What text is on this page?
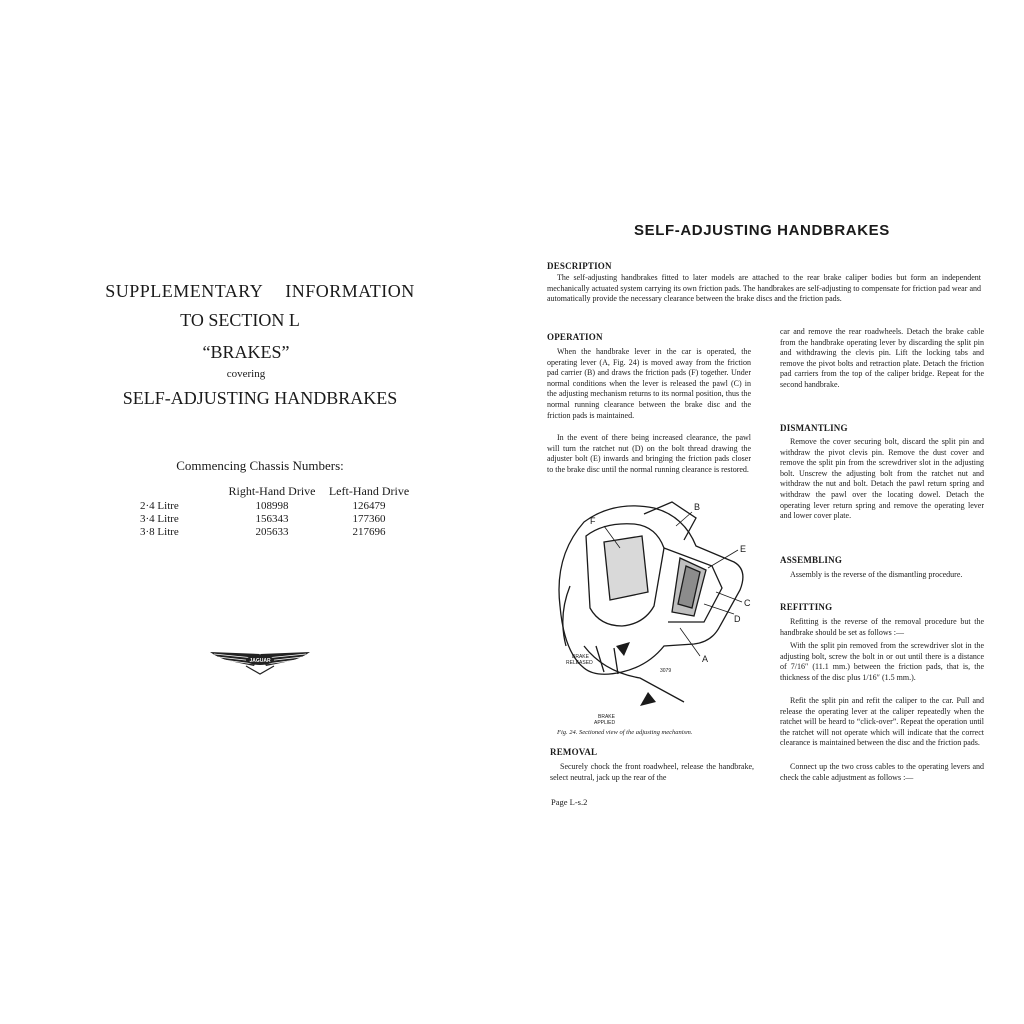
SUPPLEMENTARY INFORMATION
TO SECTION L
“BRAKES”
covering
SELF-ADJUSTING HANDBRAKES
Commencing Chassis Numbers:
	Right-Hand Drive	Left-Hand Drive
2·4 Litre	108998	126479
3·4 Litre	156343	177360
3·8 Litre	205633	217696
JAGUAR
SELF-ADJUSTING HANDBRAKES
DESCRIPTION

The self-adjusting handbrakes fitted to later models are attached to the rear brake caliper bodies but form an independent mechanically actuated system carrying its own friction pads. The handbrakes are self-adjusting to compensate for friction pad wear and automatically provide the necessary clearance between the brake discs and the friction pads.

OPERATION

When the handbrake lever in the car is operated, the operating lever (A, Fig. 24) is moved away from the friction pad carrier (B) and draws the friction pads (F) together. Under normal conditions when the lever is released the pawl (C) in the adjusting mechanism returns to its normal position, thus the normal running clearance between the brake disc and the friction pads is maintained.

In the event of there being increased clearance, the pawl will turn the ratchet nut (D) on the bolt thread drawing the adjuster bolt (E) inwards and bringing the friction pads closer to the brake disc until the normal running clearance is restored.

REMOVAL

Securely chock the front roadwheel, release the handbrake, select neutral, jack up the rear of the

car and remove the rear roadwheels. Detach the brake cable from the handbrake operating lever by discarding the split pin and withdrawing the clevis pin. Lift the locking tabs and remove the pivot bolts and retraction plate. Detach the friction pad carriers from the top of the caliper bridge. Repeat for the second handbrake.

DISMANTLING

Remove the cover securing bolt, discard the split pin and withdraw the pivot clevis pin. Remove the dust cover and remove the split pin from the screwdriver slot in the adjusting bolt. Unscrew the adjusting bolt from the ratchet nut and withdraw the nut and bolt. Detach the pawl return spring and withdraw the pawl over the locating dowel. Detach the operating lever return spring and remove the operating lever and lower cover plate.

ASSEMBLING

Assembly is the reverse of the dismantling procedure.

REFITTING

Refitting is the reverse of the removal procedure but the handbrake should be set as follows :—

With the split pin removed from the screwdriver slot in the adjusting bolt, screw the bolt in or out until there is a distance of 7/16″ (11.1 mm.) between the friction pads, that is, the thickness of the disc plus 1/16″ (1.5 mm.).

Refit the split pin and refit the caliper to the car. Pull and release the operating lever at the caliper repeatedly when the ratchet will be heard to “click-over”. Repeat the operation until the ratchet will not operate which will indicate that the correct clearance is maintained between the disc and the friction pads.

Connect up the two cross cables to the operating levers and check the cable adjustment as follows :—

F
B
E
C
D
A
BRAKE
RELEASED
BRAKE
APPLIED
3079
Fig. 24. Sectioned view of the adjusting mechanism.
Page L-s.2
